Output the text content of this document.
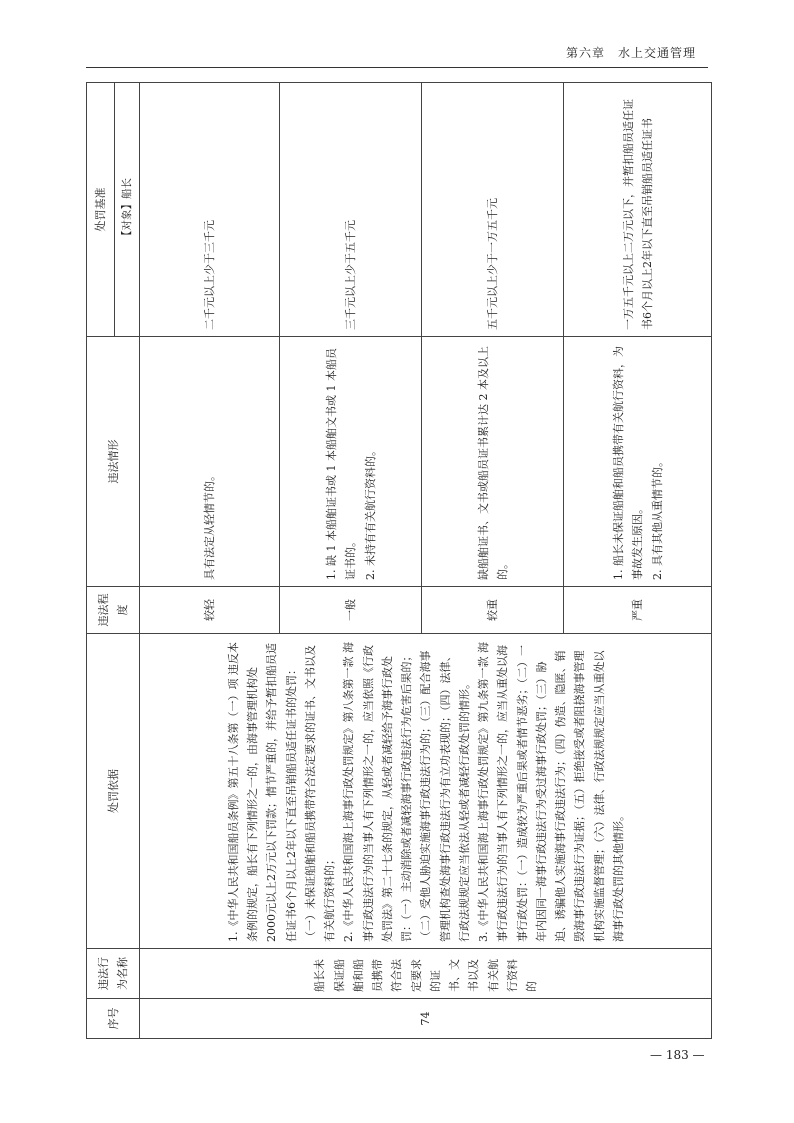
第六章　水上交通管理
序号	违法行为名称	处罚依据	违法程度	违法情形	处罚基准
					【对象】船长
74	船长未保证船舶和船员携带符合法定要求的证书、文书以及有关航行资料的	1.《中华人民共和国船员条例》第五十八条第（一）项 违反本条例的规定，船长有下列情形之一的，由海事管理机构处2000元以上2万元以下罚款；情节严重的，并给予暂扣船员适任证书6个月以上2年以下直至吊销船员适任证书的处罚： （一）未保证船舶和船员携带符合法定要求的证书、文书以及有关航行资料的； 2.《中华人民共和国海上海事行政处罚规定》第八条第一款 海事行政违法行为的当事人有下列情形之一的，应当依照《行政处罚法》第二十七条的规定，从轻或者减轻给予海事行政处罚：（一）主动消除或者减轻海事行政违法行为危害后果的；（二）受他人胁迫实施海事行政违法行为的；（三）配合海事管理机构查处海事行政违法行为有立功表现的；（四）法律、行政法规规定应当依法从轻或者减轻行政处罚的情形。 3.《中华人民共和国海上海事行政处罚规定》第九条第一款 海事行政违法行为的当事人有下列情形之一的，应当从重处以海事行政处罚：（一）造成较为严重后果或者情节恶劣；（二）一年内因同一海事行政违法行为受过海事行政处罚；（三）胁迫、诱骗他人实施海事行政违法行为；（四）伪造、隐匿、销毁海事行政违法行为证据；（五）拒绝接受或者阻挠海事管理机构实施监督管理；（六）法律、行政法规规定应当从重处以海事行政处罚的其他情形。	较轻	具有法定从轻情节的。	二千元以上少于三千元
			一般	1. 缺 1 本船舶证书或 1 本船舶文书或 1 本船员证书的。 2. 未持有有关航行资料的。	三千元以上少于五千元
			较重	缺船舶证书、文书或船员证书累计达 2 本及以上的。	五千元以上少于一万五千元
			严重	1. 船长未保证船舶和船员携带有关航行资料，为事故发生原因。 2. 具有其他从重情节的。	一万五千元以上二万元以下，并暂扣船员适任证书6个月以上2年以下直至吊销船员适任证书
— 183 —
